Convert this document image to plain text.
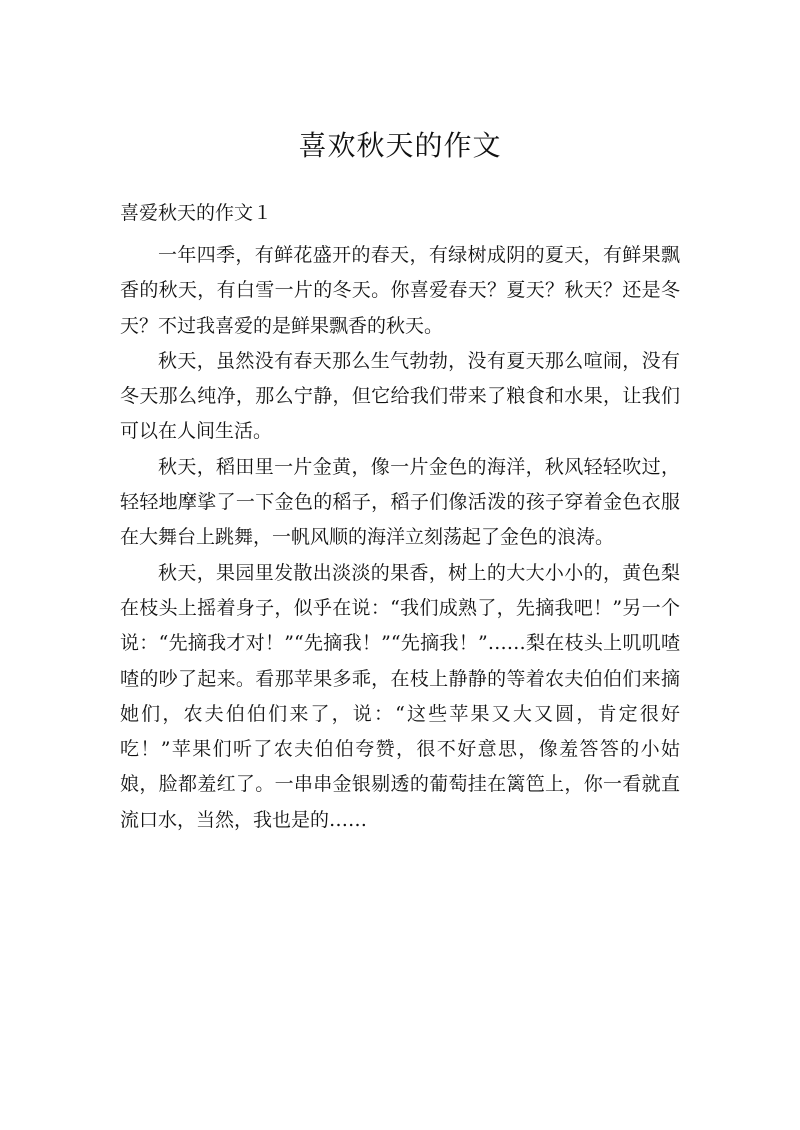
喜欢秋天的作文
喜爱秋天的作文１

一年四季，有鲜花盛开的春天，有绿树成阴的夏天，有鲜果飘香的秋天，有白雪一片的冬天。你喜爱春天？夏天？秋天？还是冬天？不过我喜爱的是鲜果飘香的秋天。

秋天，虽然没有春天那么生气勃勃，没有夏天那么喧闹，没有冬天那么纯净，那么宁静，但它给我们带来了粮食和水果，让我们可以在人间生活。

秋天，稻田里一片金黄，像一片金色的海洋，秋风轻轻吹过，轻轻地摩挲了一下金色的稻子，稻子们像活泼的孩子穿着金色衣服在大舞台上跳舞，一帆风顺的海洋立刻荡起了金色的浪涛。

秋天，果园里发散出淡淡的果香，树上的大大小小的，黄色梨在枝头上摇着身子，似乎在说：“我们成熟了，先摘我吧！”另一个说：“先摘我才对！”“先摘我！”“先摘我！”……梨在枝头上叽叽喳喳的吵了起来。看那苹果多乖，在枝上静静的等着农夫伯伯们来摘她们，农夫伯伯们来了，说：“这些苹果又大又圆，肯定很好吃！”苹果们听了农夫伯伯夸赞，很不好意思，像羞答答的小姑娘，脸都羞红了。一串串金银剔透的葡萄挂在篱笆上，你一看就直流口水，当然，我也是的……
